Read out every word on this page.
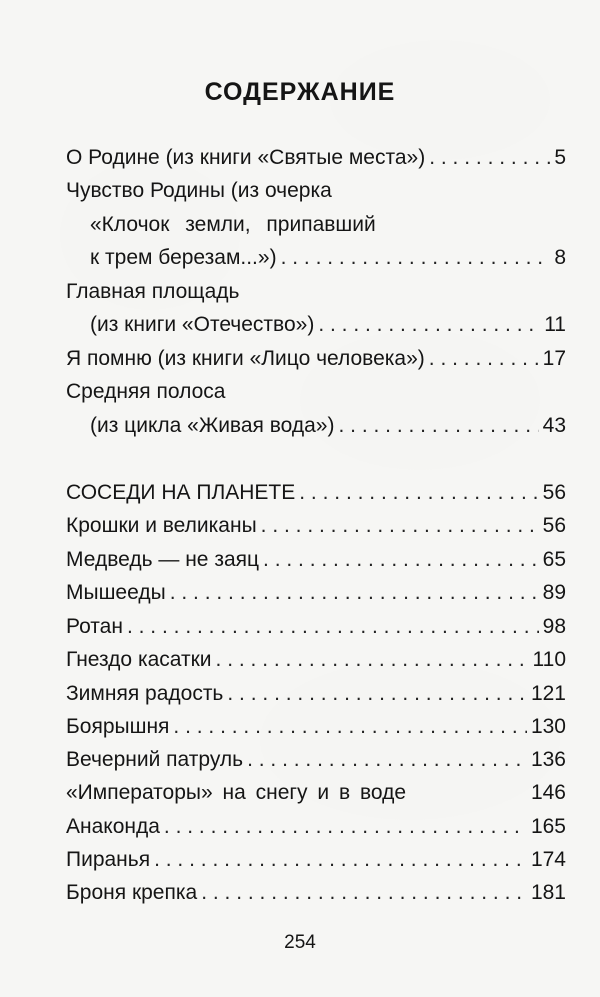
СОДЕРЖАНИЕ
О Родине (из книги «Святые места») . . .	5
Чувство Родины (из очерка
«Клочок земли, припавший
к трем березам...») . . .	8
Главная площадь
(из книги «Отечество») . . .	11
Я помню (из книги «Лицо человека») . . .	17
Средняя полоса
(из цикла «Живая вода») . . .	43
СОСЕДИ НА ПЛАНЕТЕ . . .	56
Крошки и великаны . . .	56
Медведь — не заяц . . .	65
Мышееды . . .	89
Ротан . . .	98
Гнездо касатки . . .	110
Зимняя радость . . .	121
Боярышня . . .	130
Вечерний патруль . . .	136
«Императоры» на снегу и в воде	146
Анаконда . . .	165
Пиранья . . .	174
Броня крепка . . .	181
254
